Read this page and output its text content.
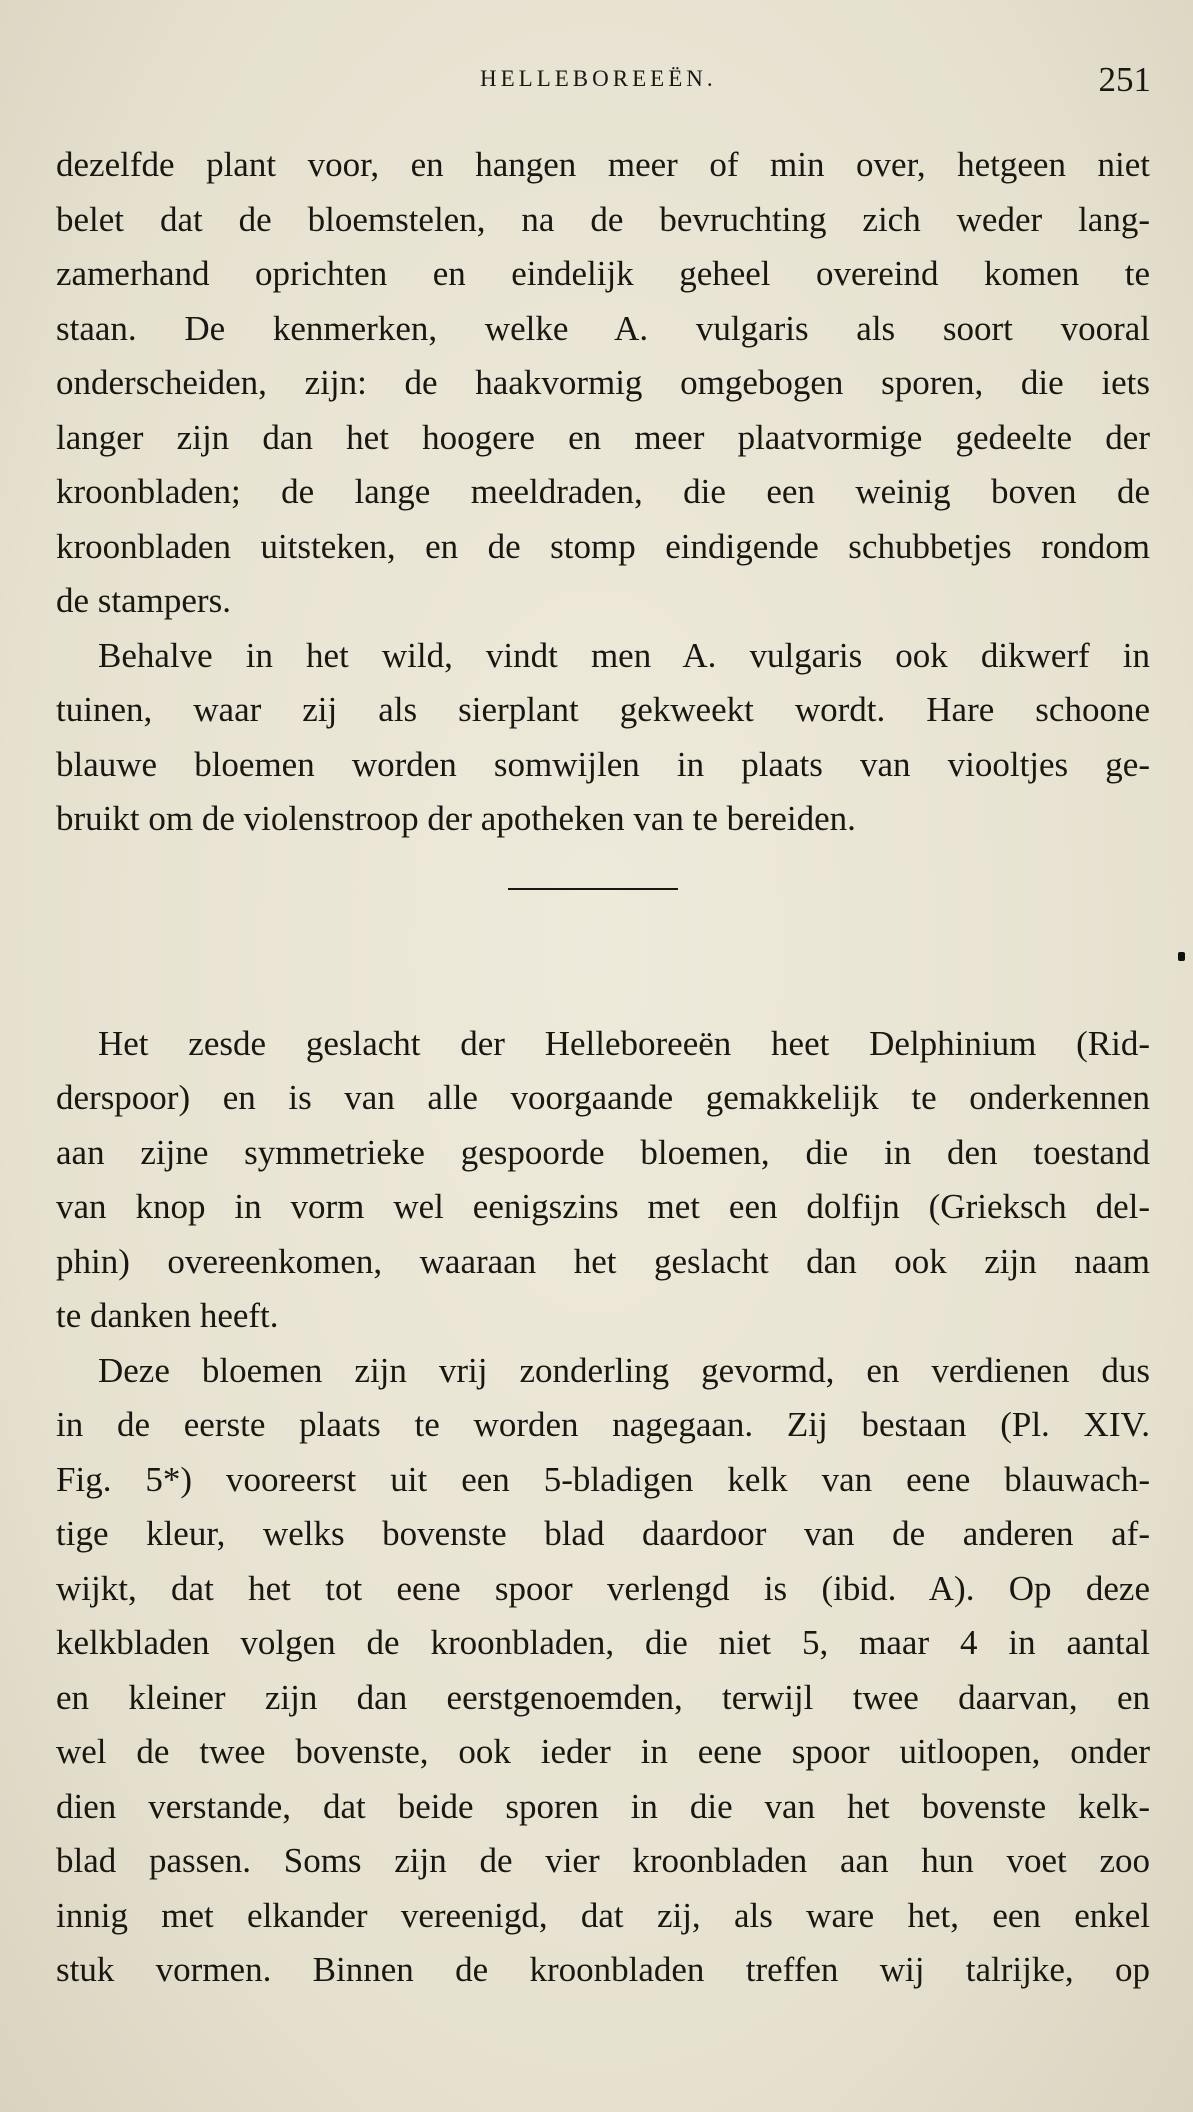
HELLEBOREEËN.	251
dezelfde plant voor, en hangen meer of min over, hetgeen niet
belet dat de bloemstelen, na de bevruchting zich weder lang-
zamerhand oprichten en eindelijk geheel overeind komen te
staan. De kenmerken, welke A. vulgaris als soort vooral
onderscheiden, zijn: de haakvormig omgebogen sporen, die iets
langer zijn dan het hoogere en meer plaatvormige gedeelte der
kroonbladen; de lange meeldraden, die een weinig boven de
kroonbladen uitsteken, en de stomp eindigende schubbetjes rondom
de stampers.
Behalve in het wild, vindt men A. vulgaris ook dikwerf in
tuinen, waar zij als sierplant gekweekt wordt. Hare schoone
blauwe bloemen worden somwijlen in plaats van viooltjes ge-
bruikt om de violenstroop der apotheken van te bereiden.
Het zesde geslacht der Helleboreeën heet Delphinium (Rid-
derspoor) en is van alle voorgaande gemakkelijk te onderkennen
aan zijne symmetrieke gespoorde bloemen, die in den toestand
van knop in vorm wel eenigszins met een dolfijn (Grieksch del-
phin) overeenkomen, waaraan het geslacht dan ook zijn naam
te danken heeft.
Deze bloemen zijn vrij zonderling gevormd, en verdienen dus
in de eerste plaats te worden nagegaan. Zij bestaan (Pl. XIV.
Fig. 5*) vooreerst uit een 5-bladigen kelk van eene blauwach-
tige kleur, welks bovenste blad daardoor van de anderen af-
wijkt, dat het tot eene spoor verlengd is (ibid. A). Op deze
kelkbladen volgen de kroonbladen, die niet 5, maar 4 in aantal
en kleiner zijn dan eerstgenoemden, terwijl twee daarvan, en
wel de twee bovenste, ook ieder in eene spoor uitloopen, onder
dien verstande, dat beide sporen in die van het bovenste kelk-
blad passen. Soms zijn de vier kroonbladen aan hun voet zoo
innig met elkander vereenigd, dat zij, als ware het, een enkel
stuk vormen. Binnen de kroonbladen treffen wij talrijke, op
